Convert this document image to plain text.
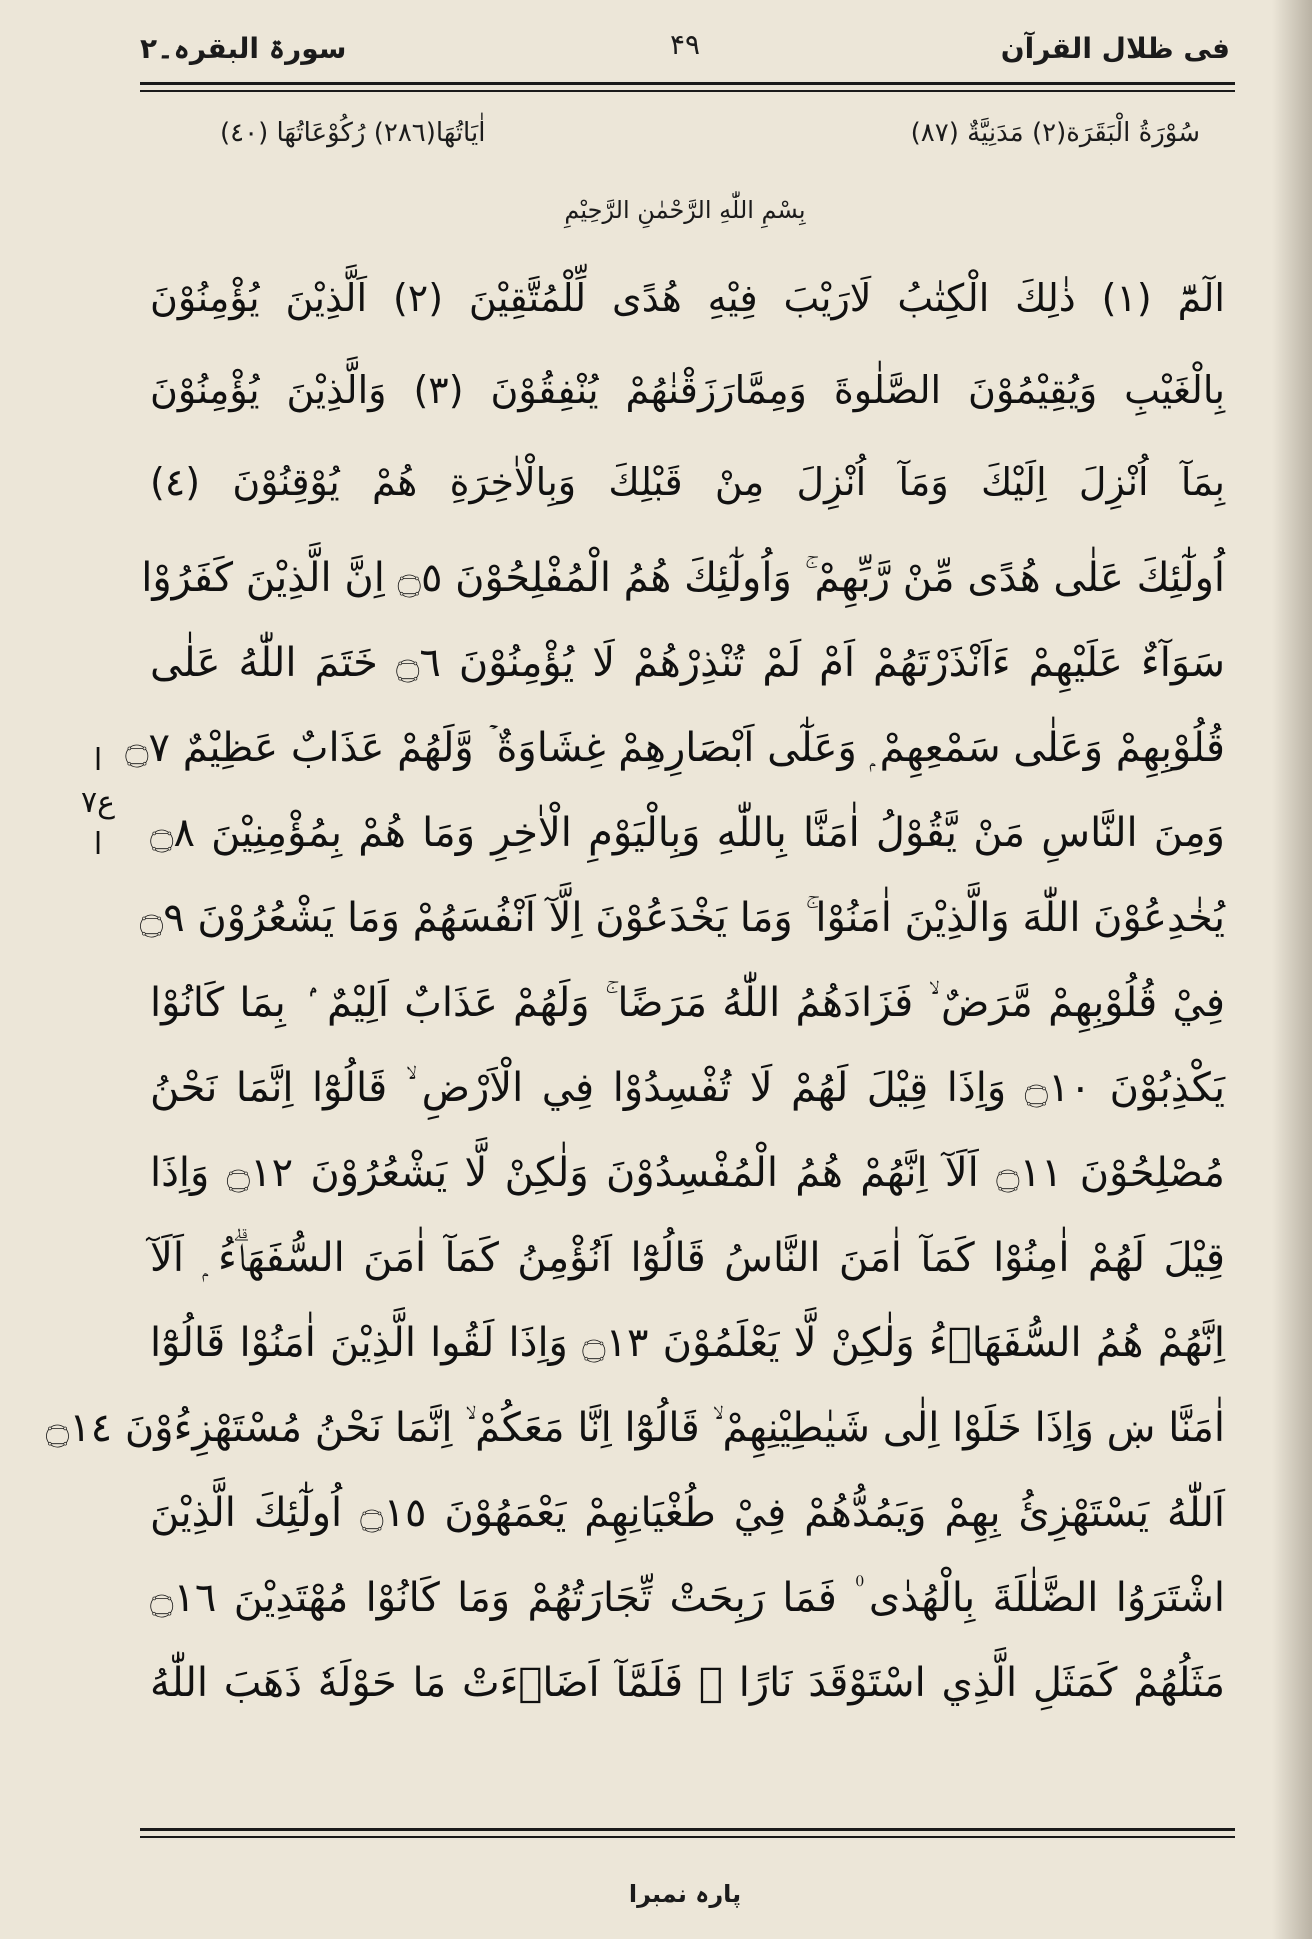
فی ظلال القرآن
۴۹
سورۃ البقرہ۔۲
سُوْرَةُ الْبَقَرَة(٢) مَدَنِيَّةٌ (٨٧)
اٰيَاتُهَا(٢٨٦) رُكُوْعَاتُهَا (٤٠)
بِسْمِ اللّٰهِ الرَّحْمٰنِ الرَّحِيْمِ
الٓمّٓ (١) ذٰلِكَ الْكِتٰبُ لَارَيْبَ فِيْهِ هُدًى لِّلْمُتَّقِيْنَ (٢) اَلَّذِيْنَ يُؤْمِنُوْنَ
بِالْغَيْبِ وَيُقِيْمُوْنَ الصَّلٰوةَ وَمِمَّارَزَقْنٰهُمْ يُنْفِقُوْنَ (٣) وَالَّذِيْنَ يُؤْمِنُوْنَ
بِمَآ اُنْزِلَ اِلَيْكَ وَمَآ اُنْزِلَ مِنْ قَبْلِكَ وَبِالْاٰخِرَةِ هُمْ يُوْقِنُوْنَ (٤)
اُولٰٓئِكَ عَلٰى هُدًى مِّنْ رَّبِّهِمْ ۚ وَاُولٰٓئِكَ هُمُ الْمُفْلِحُوْنَ ۝٥ اِنَّ الَّذِيْنَ كَفَرُوْا
سَوَآءٌ عَلَيْهِمْ ءَاَنْذَرْتَهُمْ اَمْ لَمْ تُنْذِرْهُمْ لَا يُؤْمِنُوْنَ ۝٦ خَتَمَ اللّٰهُ عَلٰى
قُلُوْبِهِمْ وَعَلٰى سَمْعِهِمْ ۭ وَعَلٰٓى اَبْصَارِهِمْ غِشَاوَةٌ ۡ وَّلَهُمْ عَذَابٌ عَظِيْمٌ ۝٧
وَمِنَ النَّاسِ مَنْ يَّقُوْلُ اٰمَنَّا بِاللّٰهِ وَبِالْيَوْمِ الْاٰخِرِ وَمَا هُمْ بِمُؤْمِنِيْنَ ۝٨
يُخٰدِعُوْنَ اللّٰهَ وَالَّذِيْنَ اٰمَنُوْا ۚ وَمَا يَخْدَعُوْنَ اِلَّآ اَنْفُسَهُمْ وَمَا يَشْعُرُوْنَ ۝٩
فِيْ قُلُوْبِهِمْ مَّرَضٌ ۙ فَزَادَهُمُ اللّٰهُ مَرَضًا ۚ وَلَهُمْ عَذَابٌ اَلِيْمٌ ۢ بِمَا كَانُوْا
يَكْذِبُوْنَ ۝١٠ وَاِذَا قِيْلَ لَهُمْ لَا تُفْسِدُوْا فِي الْاَرْضِ ۙ قَالُوْٓا اِنَّمَا نَحْنُ
مُصْلِحُوْنَ ۝١١ اَلَآ اِنَّهُمْ هُمُ الْمُفْسِدُوْنَ وَلٰكِنْ لَّا يَشْعُرُوْنَ ۝١٢ وَاِذَا
قِيْلَ لَهُمْ اٰمِنُوْا كَمَآ اٰمَنَ النَّاسُ قَالُوْٓا اَنُؤْمِنُ كَمَآ اٰمَنَ السُّفَهَاۗءُ ۭ اَلَآ
اِنَّهُمْ هُمُ السُّفَهَاۗءُ وَلٰكِنْ لَّا يَعْلَمُوْنَ ۝١٣ وَاِذَا لَقُوا الَّذِيْنَ اٰمَنُوْا قَالُوْٓا
اٰمَنَّا ښ وَاِذَا خَلَوْا اِلٰى شَيٰطِيْنِهِمْ ۙ قَالُوْٓا اِنَّا مَعَكُمْ ۙ اِنَّمَا نَحْنُ مُسْتَهْزِءُوْنَ ۝١٤
اَللّٰهُ يَسْتَهْزِئُ بِهِمْ وَيَمُدُّهُمْ فِيْ طُغْيَانِهِمْ يَعْمَهُوْنَ ۝١٥ اُولٰٓئِكَ الَّذِيْنَ
اشْتَرَوُا الضَّلٰلَةَ بِالْهُدٰى ۠ فَمَا رَبِحَتْ تِّجَارَتُهُمْ وَمَا كَانُوْا مُهْتَدِيْنَ ۝١٦
مَثَلُهُمْ كَمَثَلِ الَّذِي اسْتَوْقَدَ نَارًا ۚ فَلَمَّآ اَضَاۗءَتْ مَا حَوْلَهٗ ذَهَبَ اللّٰهُ
ا
ع۷
ا
پارہ نمبرا
